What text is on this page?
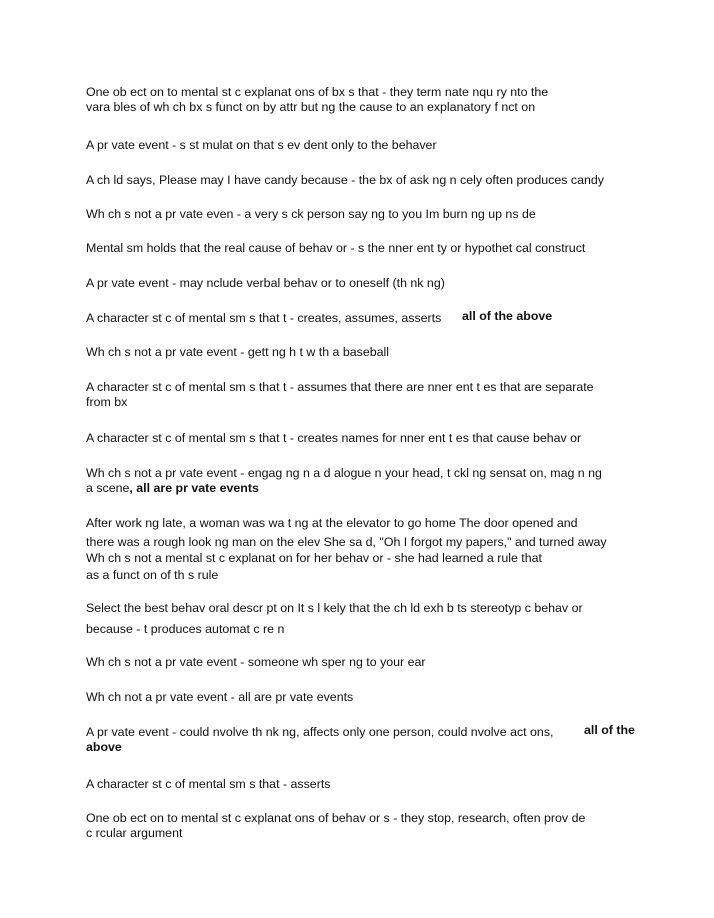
One ob ect on to mental st c explanat ons of bx s that - they term nate nqu ry nto the
vara bles of wh ch bx s funct on by attr but ng the cause to an explanatory f nct on
A pr vate event - s st mulat on that s ev dent only to the behaver
A ch ld says, Please may I have candy because - the bx of ask ng n cely often produces candy
Wh ch s not a pr vate even - a very s ck person say ng to you Im burn ng up ns de
Mental sm holds that the real cause of behav or - s the nner ent ty or hypothet cal construct
A pr vate event - may nclude verbal behav or to oneself (th nk ng)
A character st c of mental sm s that t - creates, assumes, asserts	all of the above
Wh ch s not a pr vate event - gett ng h t w th a baseball
A character st c of mental sm s that t - assumes that there are nner ent t es that are separate
from bx
A character st c of mental sm s that t - creates names for nner ent t es that cause behav or
Wh ch s not a pr vate event - engag ng n a d alogue n your head, t ckl ng sensat on, mag n ng
a scene, all are pr vate events
After work ng late, a woman was wa t ng at the elevator to go home The door opened and
there was a rough look ng man on the elev She sa d, "Oh I forgot my papers," and turned away
Wh ch s not a mental st c explanat on for her behav or - she had learned a rule that
as a funct on of th s rule
Select the best behav oral descr pt on It s l kely that the ch ld exh b ts stereotyp c behav or
because - t produces automat c re n
Wh ch s not a pr vate event - someone wh sper ng to your ear
Wh ch not a pr vate event - all are pr vate events
A pr vate event - could nvolve th nk ng, affects only one person, could nvolve act ons,	all of the
above
A character st c of mental sm s that - asserts
One ob ect on to mental st c explanat ons of behav or s - they stop, research, often prov de
c rcular argument
